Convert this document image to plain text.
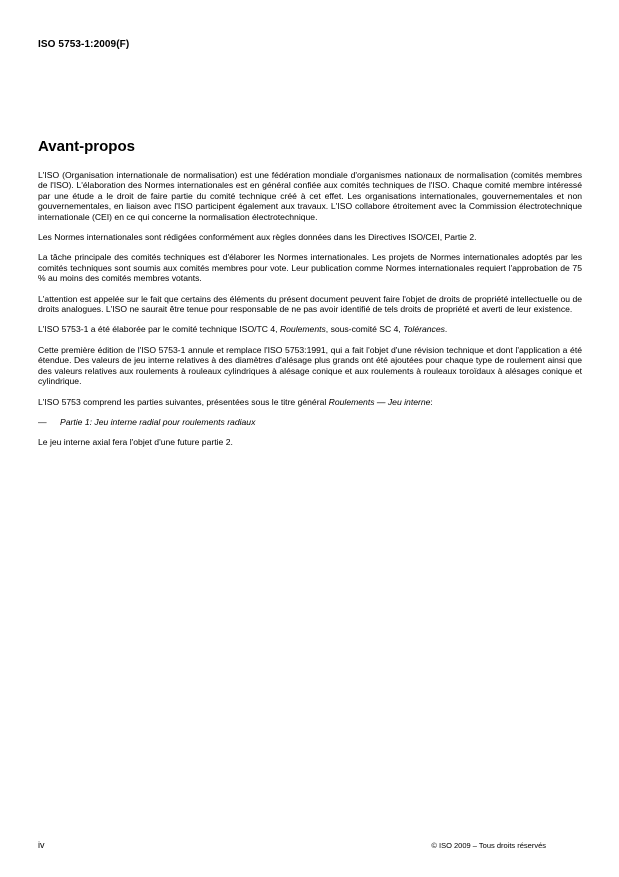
ISO 5753-1:2009(F)
Avant-propos

L'ISO (Organisation internationale de normalisation) est une fédération mondiale d'organismes nationaux de normalisation (comités membres de l'ISO). L'élaboration des Normes internationales est en général confiée aux comités techniques de l'ISO. Chaque comité membre intéressé par une étude a le droit de faire partie du comité technique créé à cet effet. Les organisations internationales, gouvernementales et non gouvernementales, en liaison avec l'ISO participent également aux travaux. L'ISO collabore étroitement avec la Commission électrotechnique internationale (CEI) en ce qui concerne la normalisation électrotechnique.

Les Normes internationales sont rédigées conformément aux règles données dans les Directives ISO/CEI, Partie 2.

La tâche principale des comités techniques est d'élaborer les Normes internationales. Les projets de Normes internationales adoptés par les comités techniques sont soumis aux comités membres pour vote. Leur publication comme Normes internationales requiert l'approbation de 75 % au moins des comités membres votants.

L'attention est appelée sur le fait que certains des éléments du présent document peuvent faire l'objet de droits de propriété intellectuelle ou de droits analogues. L'ISO ne saurait être tenue pour responsable de ne pas avoir identifié de tels droits de propriété et averti de leur existence.

L'ISO 5753-1 a été élaborée par le comité technique ISO/TC 4, Roulements, sous-comité SC 4, Tolérances.

Cette première édition de l'ISO 5753-1 annule et remplace l'ISO 5753:1991, qui a fait l'objet d'une révision technique et dont l'application a été étendue. Des valeurs de jeu interne relatives à des diamètres d'alésage plus grands ont été ajoutées pour chaque type de roulement ainsi que des valeurs relatives aux roulements à rouleaux cylindriques à alésage conique et aux roulements à rouleaux toroïdaux à alésages conique et cylindrique.

L'ISO 5753 comprend les parties suivantes, présentées sous le titre général Roulements — Jeu interne:

—	Partie 1: Jeu interne radial pour roulements radiaux

Le jeu interne axial fera l'objet d'une future partie 2.

iv	© ISO 2009 – Tous droits réservés
